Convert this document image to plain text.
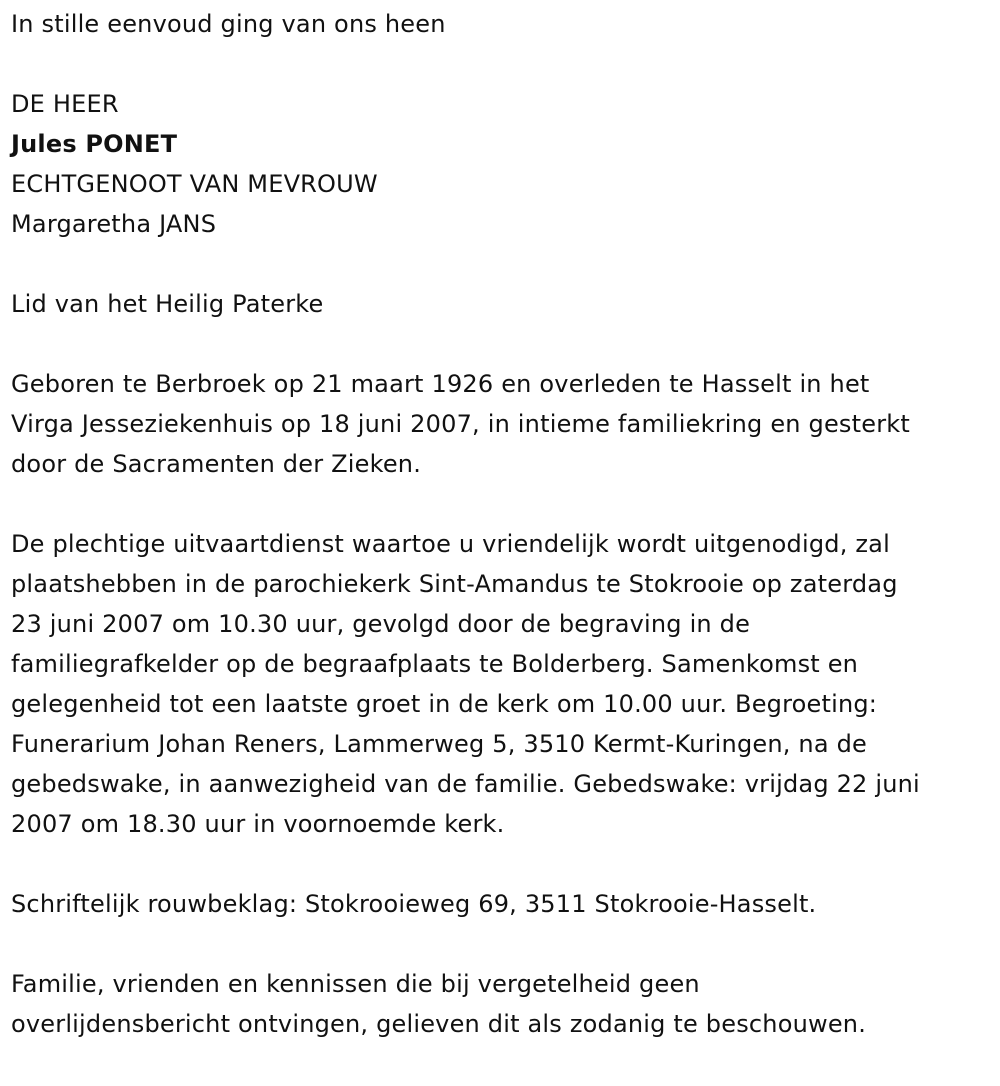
In stille eenvoud ging van ons heen
DE HEER
Jules PONET
ECHTGENOOT VAN MEVROUW
Margaretha JANS
Lid van het Heilig Paterke
Geboren te Berbroek op 21 maart 1926 en overleden te Hasselt in het
Virga Jesseziekenhuis op 18 juni 2007, in intieme familiekring en gesterkt
door de Sacramenten der Zieken.
De plechtige uitvaartdienst waartoe u vriendelijk wordt uitgenodigd, zal
plaatshebben in de parochiekerk Sint-Amandus te Stokrooie op zaterdag
23 juni 2007 om 10.30 uur, gevolgd door de begraving in de
familiegrafkelder op de begraafplaats te Bolderberg. Samenkomst en
gelegenheid tot een laatste groet in de kerk om 10.00 uur. Begroeting:
Funerarium Johan Reners, Lammerweg 5, 3510 Kermt-Kuringen, na de
gebedswake, in aanwezigheid van de familie. Gebedswake: vrijdag 22 juni
2007 om 18.30 uur in voornoemde kerk.
Schriftelijk rouwbeklag: Stokrooieweg 69, 3511 Stokrooie-Hasselt.
Familie, vrienden en kennissen die bij vergetelheid geen
overlijdensbericht ontvingen, gelieven dit als zodanig te beschouwen.
